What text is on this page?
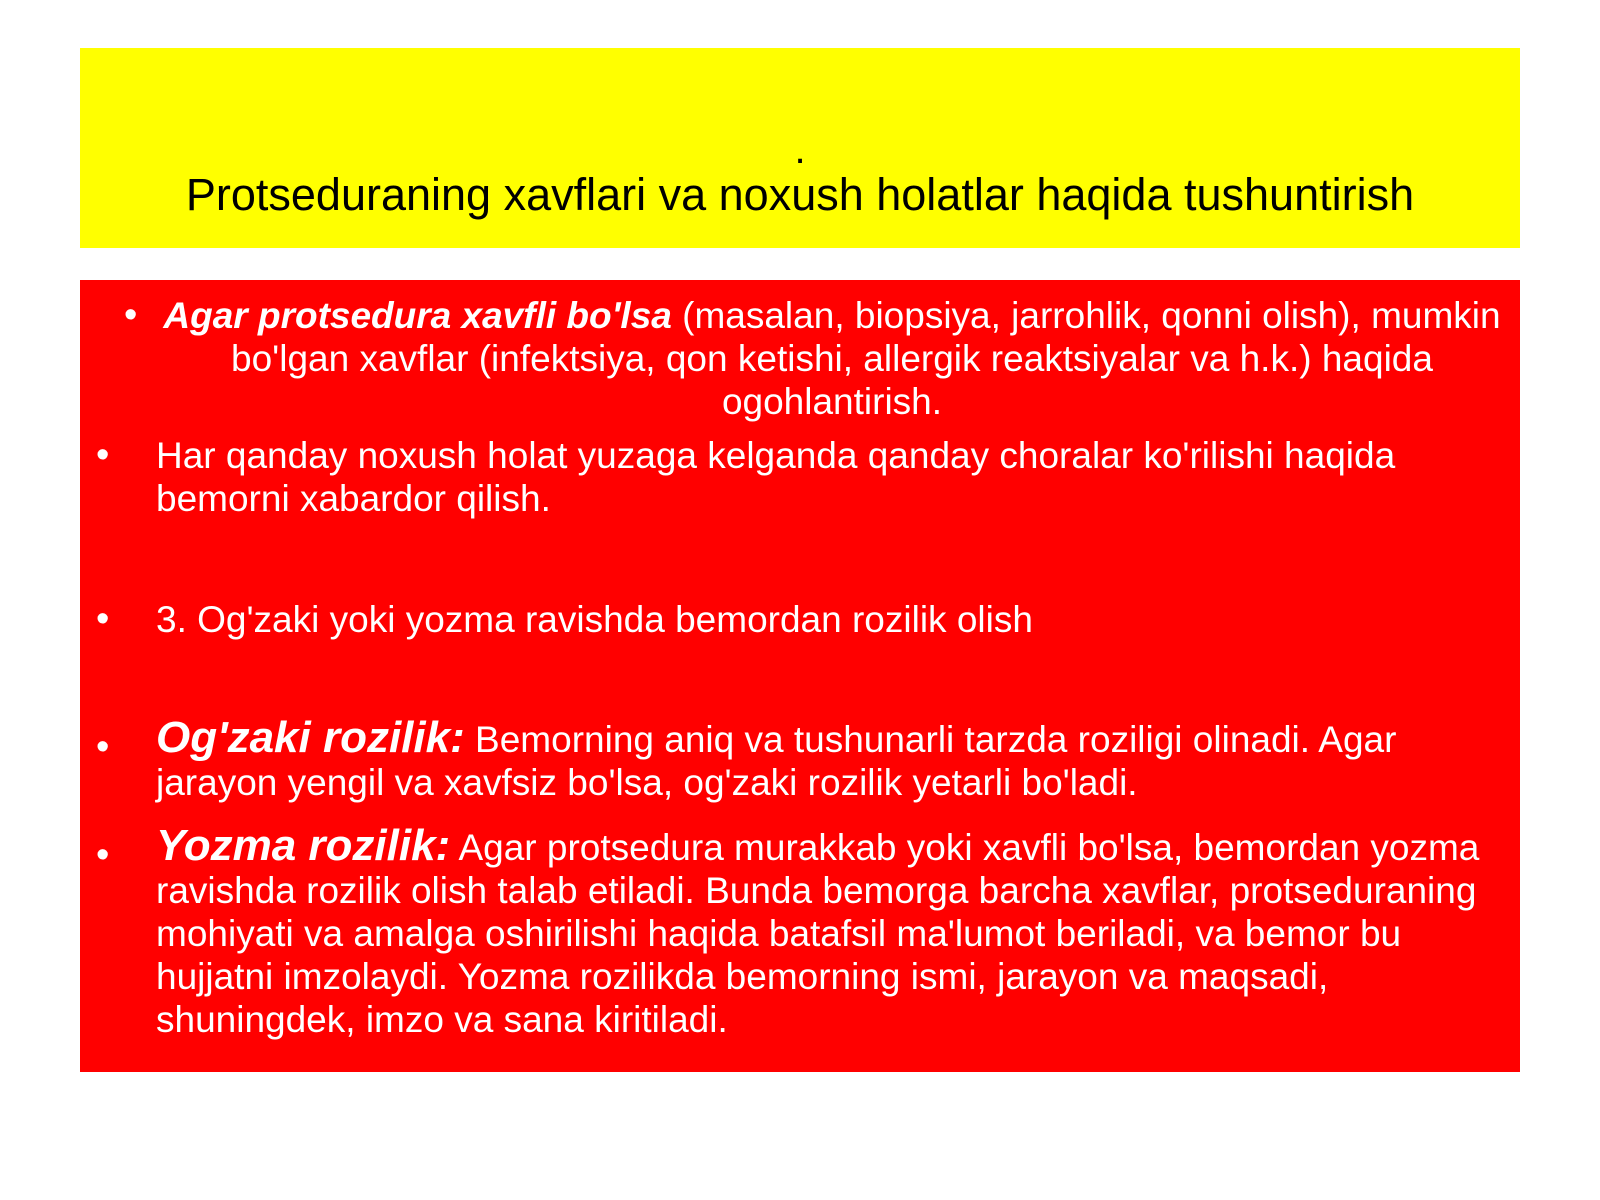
.
Protseduraning xavflari va noxush holatlar haqida tushuntirish
• Agar protsedura xavfli bo'lsa (masalan, biopsiya, jarrohlik, qonni olish), mumkin bo'lgan xavflar (infektsiya, qon ketishi, allergik reaktsiyalar va h.k.) haqida ogohlantirish.
• Har qanday noxush holat yuzaga kelganda qanday choralar ko'rilishi haqida bemorni xabardor qilish.
• 3. Og'zaki yoki yozma ravishda bemordan rozilik olish
• Og'zaki rozilik: Bemorning aniq va tushunarli tarzda roziligi olinadi. Agar jarayon yengil va xavfsiz bo'lsa, og'zaki rozilik yetarli bo'ladi.
• Yozma rozilik: Agar protsedura murakkab yoki xavfli bo'lsa, bemordan yozma ravishda rozilik olish talab etiladi. Bunda bemorga barcha xavflar, protseduraning mohiyati va amalga oshirilishi haqida batafsil ma'lumot beriladi, va bemor bu hujjatni imzolaydi. Yozma rozilikda bemorning ismi, jarayon va maqsadi, shuningdek, imzo va sana kiritiladi.
